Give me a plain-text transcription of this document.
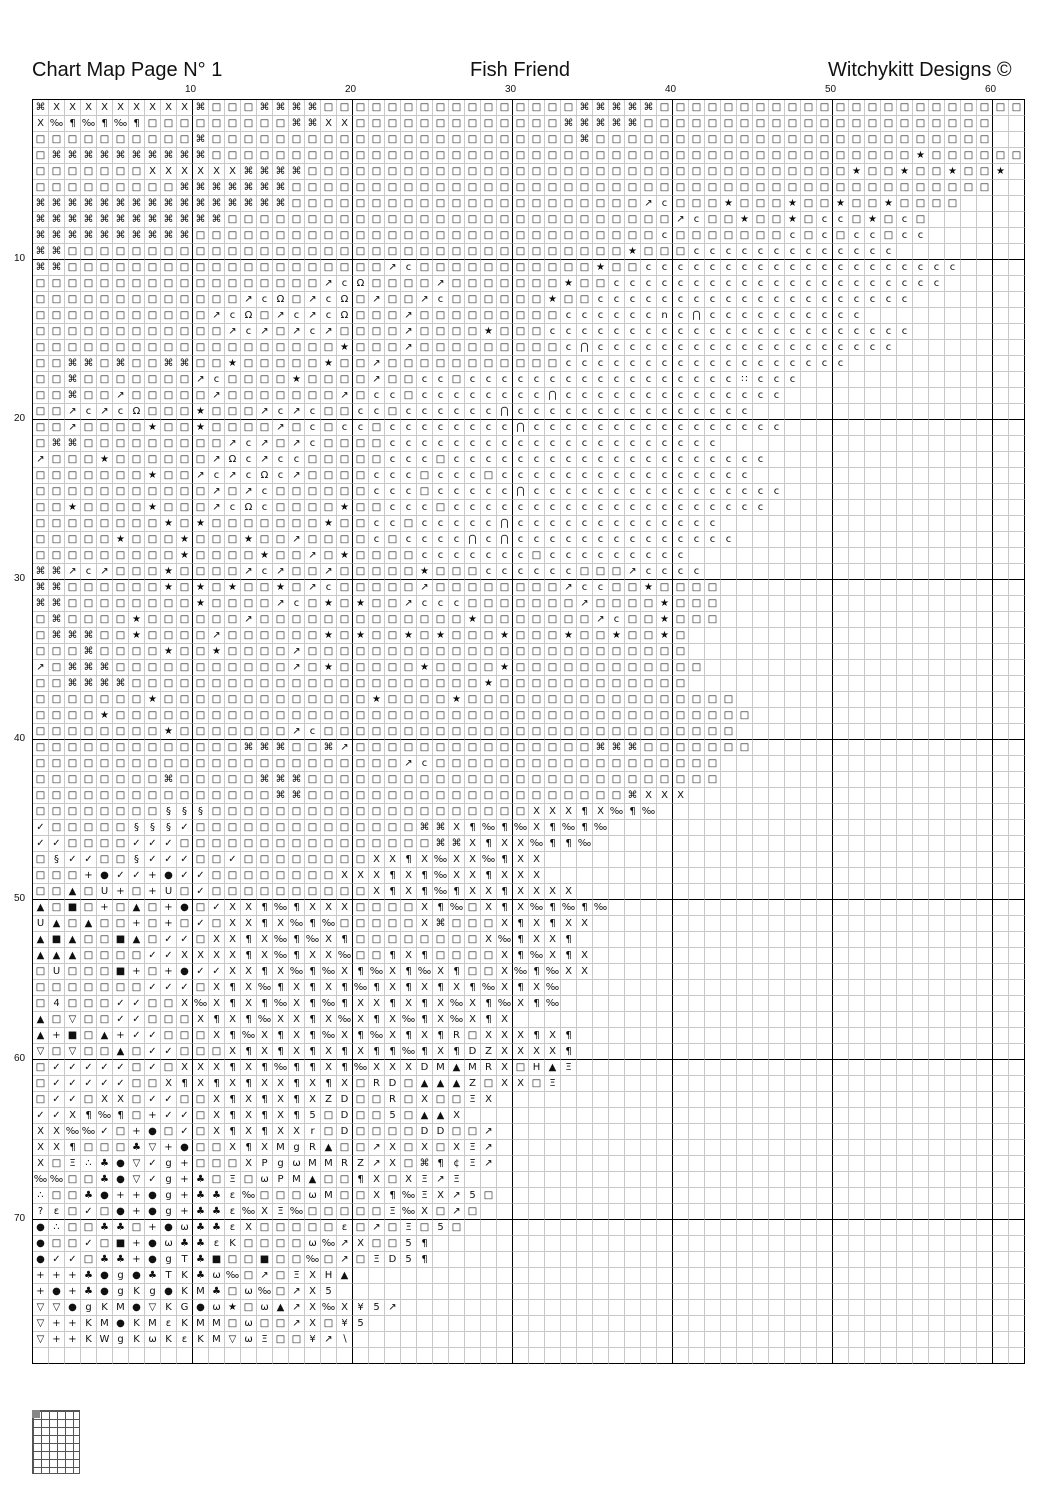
Chart Map Page N° 1	Fish Friend	Witchykitt Designs ©
10	20	30	40	50	60
10
20
30
40
50
60
70
⌘ X X X X X X X X X ⌘ □ □ □ ⌘ ⌘ ⌘ ⌘ □ □ □ □ □ □ □ □ □ □ □ □ □ □ □ □ ⌘ ⌘ ⌘ ⌘ ⌘ □ □ □ □ □ □ □ □ □ □ □ □ □ □ □ □ □ □ □ □ □ □ □
X ‰ ¶ ‰ ¶ ‰ ¶ □ □ □ □ □ □ □ □ □ ⌘ ⌘ X X □ □ □ □ □ □ □ □ □ □ □ □ □ ⌘ ⌘ ⌘ ⌘ ⌘ □ □ □ □ □ □ □ □ □ □ □ □ □ □ □ □ □ □ □ □ □ □
□ □ □ □ □ □ □ □ □ □ ⌘ □ □ □ □ □ □ □ □ □ □ □ □ □ □ □ □ □ □ □ □ □ □ □ ⌘ □ □ □ □ □ □ □ □ □ □ □ □ □ □ □ □ □ □ □ □ □ □ □ □ □
□ ⌘ ⌘ ⌘ ⌘ ⌘ ⌘ ⌘ ⌘ ⌘ ⌘ □ □ □ □ □ □ □ □ □ □ □ □ □ □ □ □ □ □ □ □ □ □ □ □ □ □ □ □ □ □ □ □ □ □ □ □ □ □ □ □ □ □ □ □ ★ □ □ □ □ □ □
□ □ □ □ □ □ □ X X X X X X ⌘ ⌘ ⌘ ⌘ □ □ □ □ □ □ □ □ □ □ □ □ □ □ □ □ □ □ □ □ □ □ □ □ □ □ □ □ □ □ □ □ □ □ ★ □ □ ★ □ □ ★ □ □ ★
□ □ □ □ □ □ □ □ □ ⌘ ⌘ ⌘ ⌘ ⌘ ⌘ ⌘ □ □ □ □ □ □ □ □ □ □ □ □ □ □ □ □ □ □ □ □ □ □ □ □ □ □ □ □ □ □ □ □ □ □ □ □ □ □ □ □ □ □ □ □
⌘ ⌘ ⌘ ⌘ ⌘ ⌘ ⌘ ⌘ ⌘ ⌘ ⌘ ⌘ ⌘ ⌘ ⌘ ⌘ □ □ □ □ □ □ □ □ □ □ □ □ □ □ □ □ □ □ □ □ □ □ ↗ c □ □ □ ★ □ □ □ ★ □ □ ★ □ □ ★ □ □ □ □
⌘ ⌘ ⌘ ⌘ ⌘ ⌘ ⌘ ⌘ ⌘ ⌘ ⌘ ⌘ □ □ □ □ □ □ □ □ □ □ □ □ □ □ □ □ □ □ □ □ □ □ □ □ □ □ □ □ ↗ c □ □ ★ □ □ ★ □ c	c □ ★ □ c □
⌘ ⌘ ⌘ ⌘ ⌘ ⌘ ⌘ ⌘ ⌘ ⌘ □ □ □ □ □ □ □ □ □ □ □ □ □ □ □ □ □ □ □ □ □ □ □ □ □ □ □ □ □ c □ □ □ □ □ □ □ c □ c □ c	c □ c	c
⌘ ⌘ □ □ □ □ □ □ □ □ □ □ □ □ □ □ □ □ □ □ □ □ □ □ □ □ □ □ □ □ □ □ □ □ □ □ □ ★ □ □ □ c	c	c	c	c	c	c	c	c	c	c	c	c
⌘ ⌘ □ □ □ □ □ □ □ □ □ □ □ □ □ □ □ □ □ □ □ □ ↗ c □ □ □ □ □ □ □ □ □ □ □ ★ □ □ c	c	c	c	c	c	c	c	c	c	c	c	c	c	c	c	c	c	c	c
□ □ □ □ □ □ □ □ □ □ □ □ □ □ □ □ □ □ ↗ c Ω □ □ □ □ ↗ □ □ □ □ □ □ □ ★ □ □ c	c	c	c	c	c	c	c	c	c	c	c	c	c	c	c	c	c	c	c	c
□ □ □ □ □ □ □ □ □ □ □ □ □ ↗ c Ω □ ↗ c Ω □ ↗ □ □ ↗ c □ □ □ □ □ □ ★ □ □ c	c	c	c	c	c	c	c	c	c	c	c	c	c	c	c	c	c	c	c
□ □ □ □ □ □ □ □ □ □ □ ↗ c Ω □ ↗ c ↗ c Ω □ □ □ ↗ □ □ □ □ □ □ □ □ □ c	c	c	c	c	c	n	c ⋂ c	c	c	c	c	c	c	c	c	c
□ □ □ □ □ □ □ □ □ □ □ □ ↗ c ↗ □ ↗ c ↗ □ □ □ □ ↗ □ □ □ □ ★ □ □ □ c	c	c	c	c	c	c	c	c	c	c	c	c	c	c	c	c	c	c	c	c	c	c
□ □ □ □ □ □ □ □ □ □ □ □ □ □ □ □ □ □ □ ★ □ □ □ ↗ □ □ □ □ □ □ □ □ □ c ⋂ c	c	c	c	c	c	c	c	c	c	c	c	c	c	c	c	c	c	c
□ □ ⌘ ⌘ □ ⌘ □ □ ⌘ ⌘ □ □ ★ □ □ □ □ □ ★ □ □ ↗ □ □ □ □ □ □ □ □ □ □ □ c	c	c	c	c	c	c	c	c	c	c	c	c	c	c	c	c	c
□ □ ⌘ □ □ □ □ □ □ □ ↗ c □ □ □ □ ★ □ □ □ □ ↗ □ □ c	c □ c	c	c	c	c	c	c	c	c	c	c	c	c	c	c	c	c	∷	c	c	c
□ □ ⌘ □ □ ↗ □ □ □ □ □ ↗ □ □ □ □ □ □ □ ↗ □ c	c □ c	c	c	c	c	c	c	c ⋂ c	c	c	c	c	c	c	c	c	c	c	c	c	c
□ □ ↗ c ↗ c Ω □ □ □ ★ □ □ □ ↗ c ↗ c □ □ c	c □ c	c	c	c	c	c ⋂ c	c	c	c	c	c	c	c	c	c	c	c	c	c	c
□ □ ↗ □ □ □ □ ★ □ □ ★ □ □ □ □ ↗ □ c □ c	c □ c	c	c	c	c	c	c	c ⋂ c	c	c	c	c	c	c	c	c	c	c	c	c	c	c	c
□ ⌘ ⌘ □ □ □ □ □ □ □ □ □ ↗ c ↗ □ ↗ c □ □ □ □ c	c	c	c	c	c	c	c	c	c	c	c	c	c	c	c	c	c	c	c	c
↗ □ □ □ ★ □ □ □ □ □ □ ↗ Ω c ↗ c	c □ □ □ □ □ c	c	c □ c	c	c	c	c	c	c	c	c	c	c	c	c	c	c	c	c	c	c	c
□ □ □ □ □ □ □ ★ □ □ ↗ c ↗ c Ω c ↗ □ □ □ □ c	c	c □ c	c	c □ c	c	c	c	c	c	c	c	c	c	c	c	c	c	c	c
□ □ □ □ □ □ □ □ □ □ □ ↗ □ ↗ c □ □ □ □ □ □ c	c	c □ c	c	c	c	c ⋂ c	c	c	c	c	c	c	c	c	c	c	c	c	c	c	c
□ □ ★ □ □ □ □ ★ □ □ □ ↗ c Ω c □ □ □ □ ★ □ □ c	c	c □ c	c	c	c	c	c	c	c	c	c	c	c	c	c	c	c	c	c	c	c
□ □ □ □ □ □ □ □ ★ □ ★ □ □ □ □ □ □ □ ★ □ □ c	c □ c	c	c	c	c ⋂ c	c	c	c	c	c	c	c	c	c	c	c	c
□ □ □ □ □ ★ □ □ □ ★ □ □ □ ★ □ □ ↗ □ □ □ □ c □ c	c	c	c ⋂ c ⋂ c	c	c	c	c	c	c	c	c	c	c	c	c	c
□ □ □ □ □ □ □ □ □ ★ □ □ □ □ ★ □ □ ↗ □ ★ □ □ □ □ c	c	c	c	c	c	c □ c	c	c	c	c	c	c	c	c
⌘ ⌘ ↗ c ↗ □ □ □ ★ □ □ □ □ ↗ c ↗ □ □ ↗ □ □ □ □ □ ★ □ □ □ c	c	c	c	c	c □ □ □ ↗ c	c	c	c
⌘ ⌘ □ □ □ □ □ □ ★ □ ★ □ ★ □ □ ★ □ ↗ c □ □ □ □ □ ↗ □ □ □ □ □ □ □ □ ↗ c	c □ □ ★ □ □ □ □
⌘ ⌘ □ □ □ □ □ □ □ □ ★ □ □ □ □ ↗ c □ ★ □ ★ □ □ ↗ c	c	c □ □ □ □ □ □ □ ↗ □ □ □ □ ★ □ □ □
□ ⌘ □ □ □ □ ★ □ □ □ □ □ □ ↗ □ □ □ □ □ □ □ □ □ □ □ □ □ ★ □ □ □ □ □ □ □ ↗ c □ □ ★ □ □ □
□ ⌘ ⌘ ⌘ □ □ ★ □ □ □ □ ↗ □ □ □ □ □ □ ★ □ ★ □ □ ★ □ ★ □ □ □ ★ □ □ □ ★ □ □ ★ □ □ ★ □
□ □ □ ⌘ □ □ □ □ ★ □ □ ★ □ □ □ □ ↗ □ □ □ □ □ □ □ □ □ □ □ □ □ □ □ □ □ □ □ □ □ □ □ □
↗ □ ⌘ ⌘ ⌘ □ □ □ □ □ □ □ □ □ □ □ ↗ □ ★ □ □ □ □ □ ★ □ □ □ □ ★ □ □ □ □ □ □ □ □ □ □ □ □
□ □ ⌘ ⌘ ⌘ ⌘ □ □ □ □ □ □ □ □ □ □ □ □ □ □ □ □ □ □ □ □ □ □ ★ □ □ □ □ □ □ □ □ □ □ □ □
□ □ □ □ □ □ □ ★ □ □ □ □ □ □ □ □ □ □ □ □ □ ★ □ □ □ □ ★ □ □ □ □ □ □ □ □ □ □ □ □ □ □ □ □ □
□ □ □ □ ★ □ □ □ □ □ □ □ □ □ □ □ □ □ □ □ □ □ □ □ □ □ □ □ □ □ □ □ □ □ □ □ □ □ □ □ □ □ □ □ □
□ □ □ □ □ □ □ □ ★ □ □ □ □ □ □ □ ↗ c □ □ □ □ □ □ □ □ □ □ □ □ □ □ □ □ □ □ □ □ □ □ □ □ □ □
□ □ □ □ □ □ □ □ □ □ □ □ □ ⌘ ⌘ ⌘ □ □ ⌘ ↗ □ □ □ □ □ □ □ □ □ □ □ □ □ □ □ ⌘ ⌘ ⌘ □ □ □ □ □ □ □
□ □ □ □ □ □ □ □ □ □ □ □ □ □ □ □ □ □ □ □ □ □ □ ↗ c □ □ □ □ □ □ □ □ □ □ □ □ □ □ □ □ □ □
□ □ □ □ □ □ □ □ ⌘ □ □ □ □ □ ⌘ ⌘ ⌘ □ □ □ □ □ □ □ □ □ □ □ □ □ □ □ □ □ □ □ □ □ □ □ □ □ □
□ □ □ □ □ □ □ □ □ □ □ □ □ □ □ ⌘ ⌘ □ □ □ □ □ □ □ □ □ □ □ □ □ □ □ □ □ □ □ □ ⌘ X X X
□ □ □ □ □ □ □ □ §	§	§ □ □ □ □ □ □ □ □ □ □ □ □ □ □ □ □ □ □ □ □ X X X ¶ X ‰ ¶ ‰
✓ □ □ □ □ □ §	§	§ ✓ □ □ □ □ □ □ □ □ □ □ □ □ □ □ ⌘ ⌘ X ¶ ‰ ¶ ‰ X ¶ ‰ ¶ ‰
✓ ✓ □ □ □ □ ✓ ✓ ✓ □ □ □ □ □ □ □ □ □ □ □ □ □ □ □ □ ⌘ ⌘ X ¶ X X ‰ ¶ ¶ ‰
□ § ✓ ✓ □ □ § ✓ ✓ ✓ □ □ ✓ □ □ □ □ □ □ □ □ X X ¶ X ‰ X X ‰ ¶ X X
□ □ □ + ● ✓ ✓ + ● ✓ ✓ □ □ □ □ □ □ □ □ X X X ¶ X ¶ ‰ X X ¶ X X X
□ □ ▲ □ U + □ + U □ ✓ □ □ □ □ □ □ □ □ □ □ X ¶ X ¶ ‰ ¶ X X ¶ X X X X
▲ □ ■ □ + □ ▲ □ + ● □ ✓ X X ¶ ‰ ¶ X X X □ □ □ □ X ¶ ‰ □ X ¶ X ‰ ¶ ‰ ¶ ‰
U ▲ □ ▲ □ □ + □ + □ ✓ □ X X ¶ X ‰ ¶ ‰ □ □ □ □ □ X ⌘ □ □ □ X ¶ X ¶ X X
▲ ■ ▲ □ □ ■ ▲ □ ✓ ✓ □ X X ¶ X ‰ ¶ ‰ X ¶ □ □ □ □ □ □ □ □ X ‰ ¶ X X ¶
▲ ▲ ▲ □ □ □ □ ✓ ✓ X X X X ¶ X ‰ ¶ X X ‰ □ □ ¶ X ¶ □ □ □ □ X ¶ ‰ X ¶ X
□ U □ □ □ ■ + □ + ● ✓ ✓ X X ¶ X ‰ ¶ ‰ X ¶ ‰ X ¶ ‰ X ¶ □ □ X ‰ ¶ ‰ X X
□ □ □ □ □ □ □ ✓ ✓ ✓ □ X ¶ X ‰ ¶ X ¶ X ¶ ‰ ¶ X ¶ X ¶ X ¶ ‰ X ¶ X ‰
□ 4 □ □ □ ✓ ✓ □ □ X ‰ X ¶ X ¶ ‰ X ¶ ‰ ¶ X X ¶ X ¶ X ‰ X ¶ ‰ X ¶ ‰
▲ □ ▽ □ □ ✓ ✓ □ □ □ X ¶ X ¶ ‰ X X ¶ X ‰ X ¶ X ‰ ¶ X ‰ X ¶ X
▲ + ■ □ ▲ + ✓ ✓ □ □ □ X ¶ ‰ X ¶ X ¶ ‰ X ¶ ‰ X ¶ X ¶ R □ X X X ¶ X ¶
▽ □ ▽ □ □ ▲ □ ✓ ✓ □ □ □ X ¶ X ¶ X ¶ X ¶ X ¶ ¶ ‰ ¶ X ¶ D Z X X X X ¶
□ ✓ ✓ ✓ ✓ ✓ □ ✓ □ X X X ¶ X ¶ ‰ ¶ ¶ X ¶ ‰ X X X D M ▲ M R X □ H ▲ Ξ
□ ✓ ✓ ✓ ✓ ✓ □ □ X ¶ X ¶ X ¶ X X ¶ X ¶ X □ R D □ ▲ ▲ ▲ Z □ X X □ Ξ
□ ✓ ✓ □ X X □ ✓ ✓ □ □ X ¶ X ¶ X ¶ X Z D □ □ R □ X □ □ Ξ X
✓ ✓ X ¶ ‰ ¶ □ + ✓ ✓ □ X ¶ X ¶ X ¶ 5 □ D □ □ 5 □ ▲ ▲ X
X X ‰ ‰ ✓ □ + ● □ ✓ □ X ¶ X ¶ X X	r □ D □ □ □ □ D D □ □ ↗
X X ¶ □ □ □ ♣ ▽ + ● □ □ X ¶ X M g R ▲ □ □ ↗ X □ X □ X Ξ ↗
X □ Ξ ∴ ♣ ● ▽ ✓ g + □ □ □ X P g ω M M R Z ↗ X □ ⌘ ¶ ¢ Ξ ↗
‰ ‰ □ □ ♣ ● ▽ ✓ g + ♣ □ Ξ □ ω P M ▲ □ □ ¶ X □ X Ξ ↗ Ξ
∴ □ □ ♣ ● + + ● g + ♣ ♣ ε ‰ □ □ □ ω M □ □ X ¶ ‰ Ξ X ↗ 5 □
?	ε □ ✓ □ ● + ● g + ♣ ♣ ε ‰ X Ξ ‰ □ □ □ □ □ Ξ ‰ X □ ↗ □
● ∴ □ □ ♣ ♣ □ + ● ω ♣ ♣ ε X □ □ □ □ □ ε □ ↗ □ Ξ □ 5 □
● □ □ ✓ □ ■ + ● ω ♣ ♣ ε	K □ □ □ □ ω ‰ ↗ X □ □ 5 ¶
● ✓ ✓ □ ♣ ♣ + ● g T ♣ ■ □ □ ■ □ □ ‰ □ ↗ □ Ξ D 5 ¶
+ + + ♣ ● g ● ♣ T K ♣ ω ‰ □ ↗ □ Ξ X H ▲
+ ● + ♣ ● g K g ● K M ♣ □ ω ‰ □ ↗ X 5
▽ ▽ ● g K M ● ▽ K G ● ω ★ □ ω ▲ ↗ X ‰ X ¥ 5 ↗
▽ + + K M ● K M ε	K M M □ ω □ □ ↗ X □ ¥ 5
▽ + + K W g K ω K	ε	K M ▽ ω Ξ □ □ ¥ ↗ ∖
